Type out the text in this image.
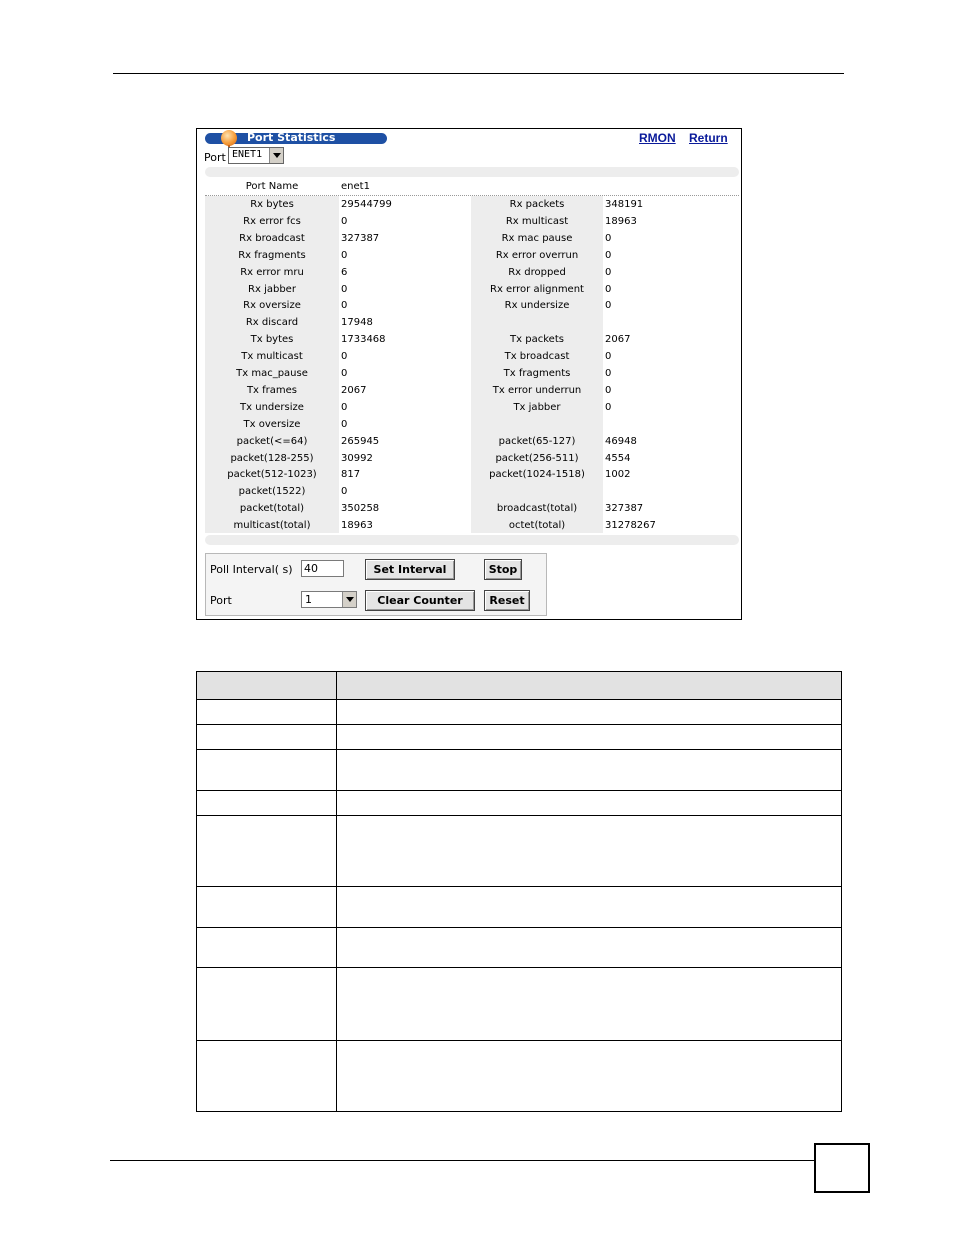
Port Statistics	RMON Return
Port ENET1
Port Name	enet1
Rx bytes	29544799	Rx packets	348191
Rx error fcs	0	Rx multicast	18963
Rx broadcast	327387	Rx mac pause	0
Rx fragments	0	Rx error overrun	0
Rx error mru	6	Rx dropped	0
Rx jabber	0	Rx error alignment	0
Rx oversize	0	Rx undersize	0
Rx discard	17948
Tx bytes	1733468	Tx packets	2067
Tx multicast	0	Tx broadcast	0
Tx mac_pause	0	Tx fragments	0
Tx frames	2067	Tx error underrun	0
Tx undersize	0	Tx jabber	0
Tx oversize	0
packet(<=64)	265945	packet(65-127)	46948
packet(128-255)	30992	packet(256-511)	4554
packet(512-1023)	817	packet(1024-1518)	1002
packet(1522)	0
packet(total)	350258	broadcast(total)	327387
multicast(total)	18963	octet(total)	31278267
Poll Interval( s)
40	Set Interval	Stop
Port	1	Clear Counter	Reset
